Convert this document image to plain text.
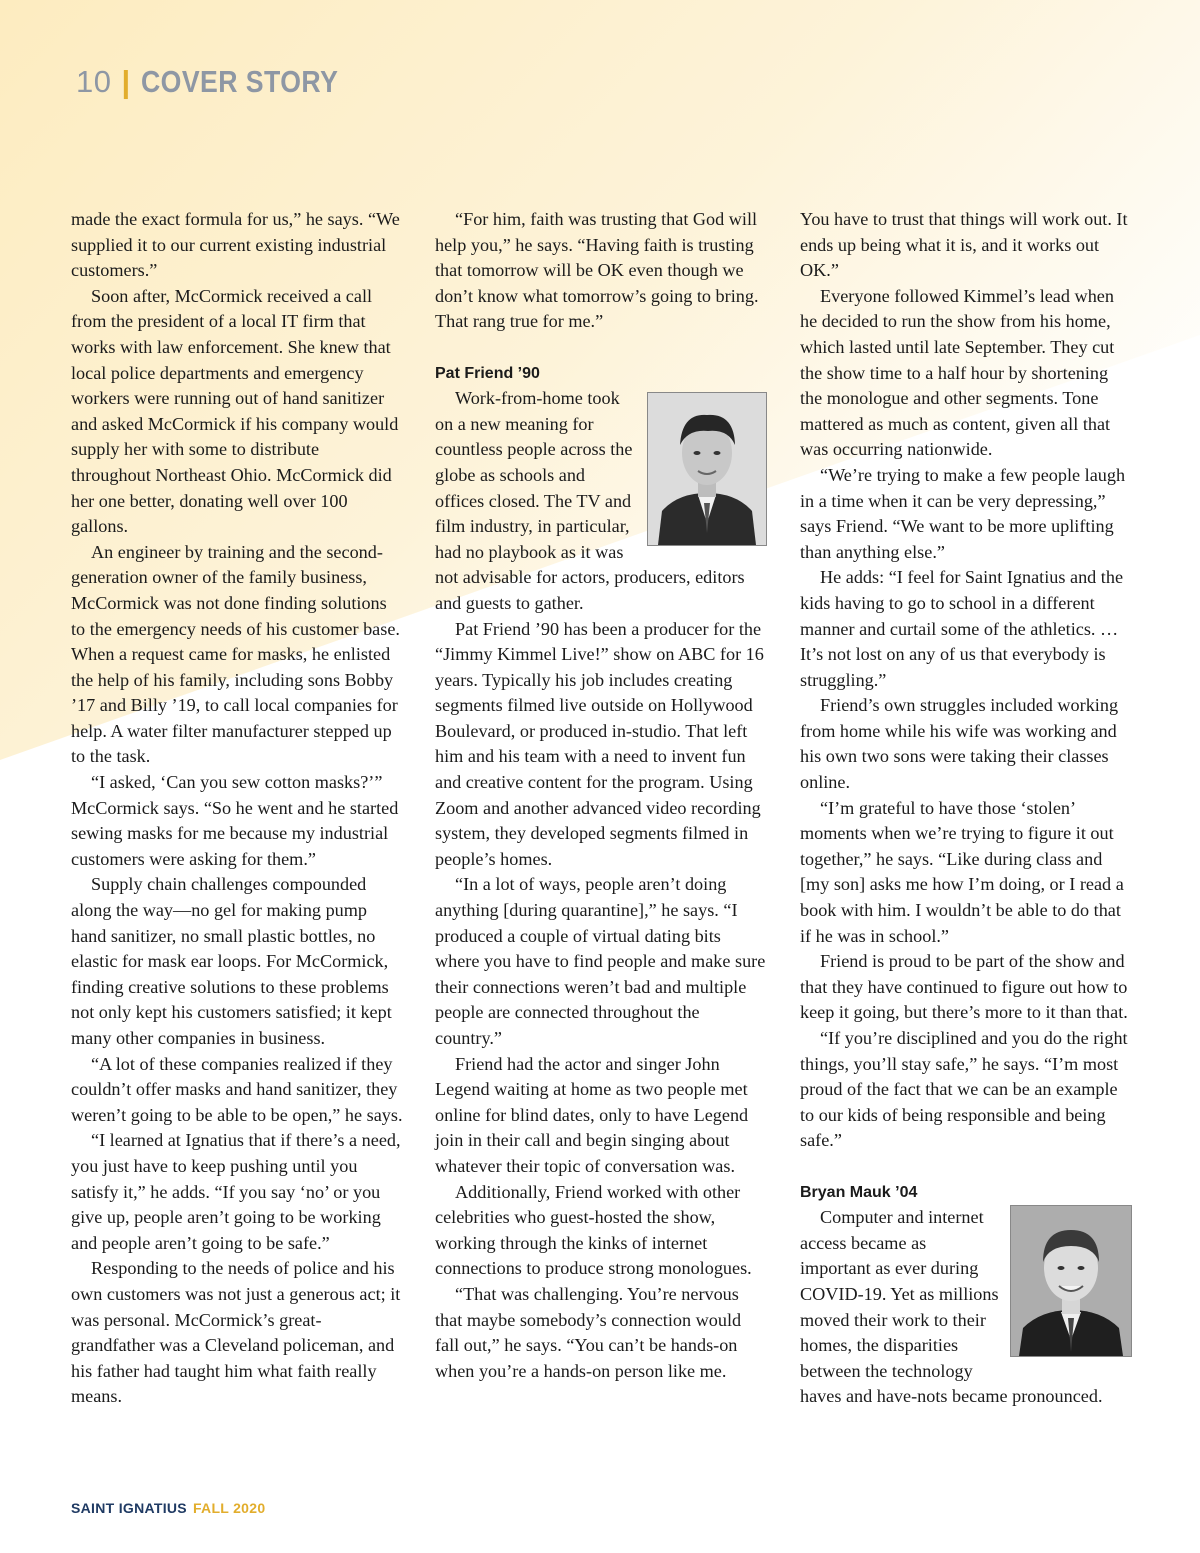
10 | COVER STORY

made the exact formula for us,” he says. “We supplied it to our current existing industrial customers.”

Soon after, McCormick received a call from the president of a local IT firm that works with law enforcement. She knew that local police departments and emergency workers were running out of hand sanitizer and asked McCormick if his company would supply her with some to distribute throughout Northeast Ohio. McCormick did her one better, donating well over 100 gallons.

An engineer by training and the second-generation owner of the family business, McCormick was not done finding solutions to the emergency needs of his customer base. When a request came for masks, he enlisted the help of his family, including sons Bobby ’17 and Billy ’19, to call local companies for help. A water filter manufacturer stepped up to the task.

“I asked, ‘Can you sew cotton masks?’” McCormick says. “So he went and he started sewing masks for me because my industrial customers were asking for them.”

Supply chain challenges compounded along the way—no gel for making pump hand sanitizer, no small plastic bottles, no elastic for mask ear loops. For McCormick, finding creative solutions to these problems not only kept his customers satisfied; it kept many other companies in business.

“A lot of these companies realized if they couldn’t offer masks and hand sanitizer, they weren’t going to be able to be open,” he says.

“I learned at Ignatius that if there’s a need, you just have to keep pushing until you satisfy it,” he adds. “If you say ‘no’ or you give up, people aren’t going to be working and people aren’t going to be safe.”

Responding to the needs of police and his own customers was not just a generous act; it was personal. McCormick’s great-grandfather was a Cleveland policeman, and his father had taught him what faith really means.

“For him, faith was trusting that God will help you,” he says. “Having faith is trusting that tomorrow will be OK even though we don’t know what tomorrow’s going to bring. That rang true for me.”

Pat Friend ’90

Work-from-home took on a new meaning for countless people across the globe as schools and offices closed. The TV and film industry, in particular, had no playbook as it was not advisable for actors, producers, editors and guests to gather.

Pat Friend ’90 has been a producer for the “Jimmy Kimmel Live!” show on ABC for 16 years. Typically his job includes creating segments filmed live outside on Hollywood Boulevard, or produced in-studio. That left him and his team with a need to invent fun and creative content for the program. Using Zoom and another advanced video recording system, they developed segments filmed in people’s homes.

“In a lot of ways, people aren’t doing anything [during quarantine],” he says. “I produced a couple of virtual dating bits where you have to find people and make sure their connections weren’t bad and multiple people are connected throughout the country.”

Friend had the actor and singer John Legend waiting at home as two people met online for blind dates, only to have Legend join in their call and begin singing about whatever their topic of conversation was.

Additionally, Friend worked with other celebrities who guest-hosted the show, working through the kinks of internet connections to produce strong monologues.

“That was challenging. You’re nervous that maybe somebody’s connection would fall out,” he says. “You can’t be hands-on when you’re a hands-on person like me.

You have to trust that things will work out. It ends up being what it is, and it works out OK.”

Everyone followed Kimmel’s lead when he decided to run the show from his home, which lasted until late September. They cut the show time to a half hour by shortening the monologue and other segments. Tone mattered as much as content, given all that was occurring nationwide.

“We’re trying to make a few people laugh in a time when it can be very depressing,” says Friend. “We want to be more uplifting than anything else.”

He adds: “I feel for Saint Ignatius and the kids having to go to school in a different manner and curtail some of the athletics. … It’s not lost on any of us that everybody is struggling.”

Friend’s own struggles included working from home while his wife was working and his own two sons were taking their classes online.

“I’m grateful to have those ‘stolen’ moments when we’re trying to figure it out together,” he says. “Like during class and [my son] asks me how I’m doing, or I read a book with him. I wouldn’t be able to do that if he was in school.”

Friend is proud to be part of the show and that they have continued to figure out how to keep it going, but there’s more to it than that.

“If you’re disciplined and you do the right things, you’ll stay safe,” he says. “I’m most proud of the fact that we can be an example to our kids of being responsible and being safe.”

Bryan Mauk ’04

Computer and internet access became as important as ever during COVID-19. Yet as millions moved their work to their homes, the disparities between the technology haves and have-nots became pronounced.

SAINT IGNATIUS FALL 2020
